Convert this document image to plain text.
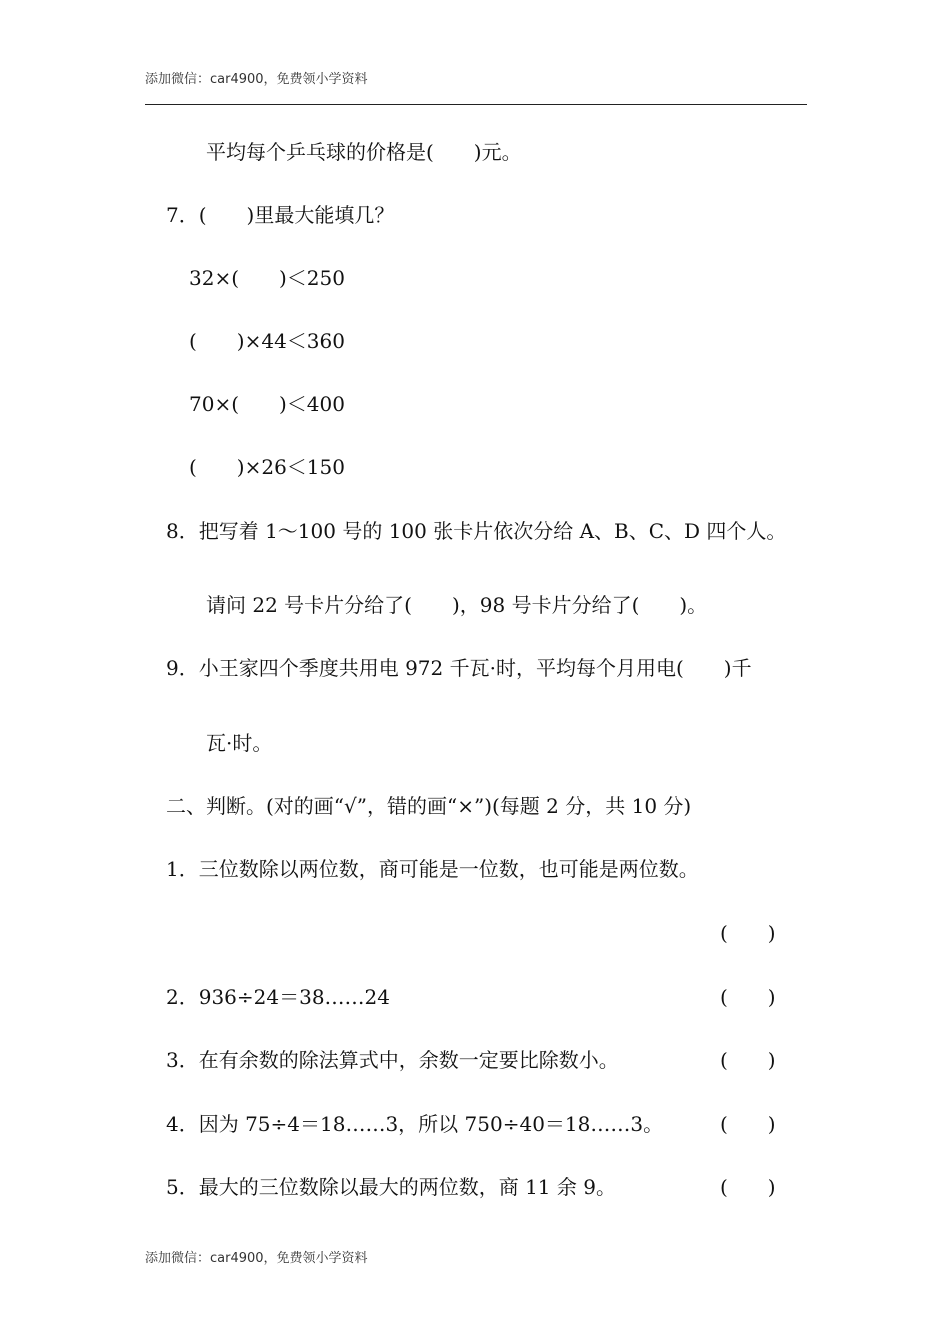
添加微信：car4900，免费领小学资料
平均每个乒乓球的价格是(　　)元。
7．(　　)里最大能填几？
32×(　　)＜250
(　　)×44＜360
70×(　　)＜400
(　　)×26＜150
8．把写着 1～100 号的 100 张卡片依次分给 A、B、C、D 四个人。
请问 22 号卡片分给了(　　)，98 号卡片分给了(　　)。
9．小王家四个季度共用电 972 千瓦·时，平均每个月用电(　　)千
瓦·时。
二、判断。(对的画“√”，错的画“×”)(每题 2 分，共 10 分)
1．三位数除以两位数，商可能是一位数，也可能是两位数。
(　　)
2．936÷24＝38……24	(　　)
3．在有余数的除法算式中，余数一定要比除数小。	(　　)
4．因为 75÷4＝18……3，所以 750÷40＝18……3。	(　　)
5．最大的三位数除以最大的两位数，商 11 余 9。	(　　)
添加微信：car4900，免费领小学资料
